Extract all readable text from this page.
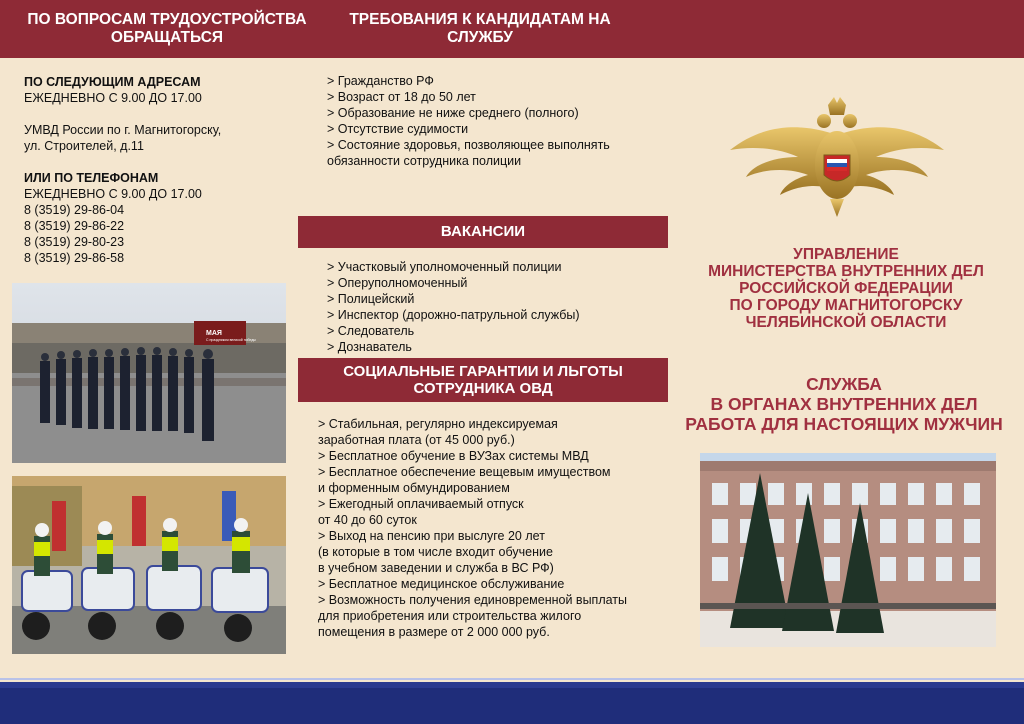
ПО ВОПРОСАМ ТРУДОУСТРОЙСТВА ОБРАЩАТЬСЯ
ТРЕБОВАНИЯ К КАНДИДАТАМ НА СЛУЖБУ
ПО СЛЕДУЮЩИМ АДРЕСАМ
ЕЖЕДНЕВНО С 9.00 ДО 17.00
УМВД России по г. Магнитогорску,
ул. Строителей, д.11
ИЛИ ПО ТЕЛЕФОНАМ
ЕЖЕДНЕВНО С 9.00 ДО 17.00
8 (3519) 29-86-04
8 (3519) 29-86-22
8 (3519) 29-80-23
8 (3519) 29-86-58
> Гражданство РФ
> Возраст от 18 до 50 лет
> Образование не ниже среднего (полного)
> Отсутствие судимости
> Состояние здоровья, позволяющее выполнять
обязанности сотрудника полиции
ВАКАНСИИ
> Участковый уполномоченный полиции
> Оперуполномоченный
> Полицейский
> Инспектор (дорожно-патрульной службы)
> Следователь
> Дознаватель
СОЦИАЛЬНЫЕ ГАРАНТИИ И ЛЬГОТЫ
СОТРУДНИКА ОВД
> Стабильная, регулярно индексируемая
заработная плата (от 45 000 руб.)
> Бесплатное обучение в ВУЗах системы МВД
> Бесплатное обеспечение вещевым имуществом
и форменным обмундированием
> Ежегодный оплачиваемый отпуск
от 40 до 60 суток
> Выход на пенсию при выслуге 20 лет
(в которые в том числе входит обучение
в учебном заведении и служба в ВС РФ)
> Бесплатное медицинское обслуживание
> Возможность получения единовременной выплаты
для приобретения или строительства жилого
помещения в размере от 2 000 000 руб.
МАЯ
С праздником великой победы
УПРАВЛЕНИЕ
МИНИСТЕРСТВА ВНУТРЕННИХ ДЕЛ
РОССИЙСКОЙ ФЕДЕРАЦИИ
ПО ГОРОДУ МАГНИТОГОРСКУ
ЧЕЛЯБИНСКОЙ ОБЛАСТИ
СЛУЖБА
В ОРГАНАХ ВНУТРЕННИХ ДЕЛ
РАБОТА ДЛЯ НАСТОЯЩИХ МУЖЧИН
